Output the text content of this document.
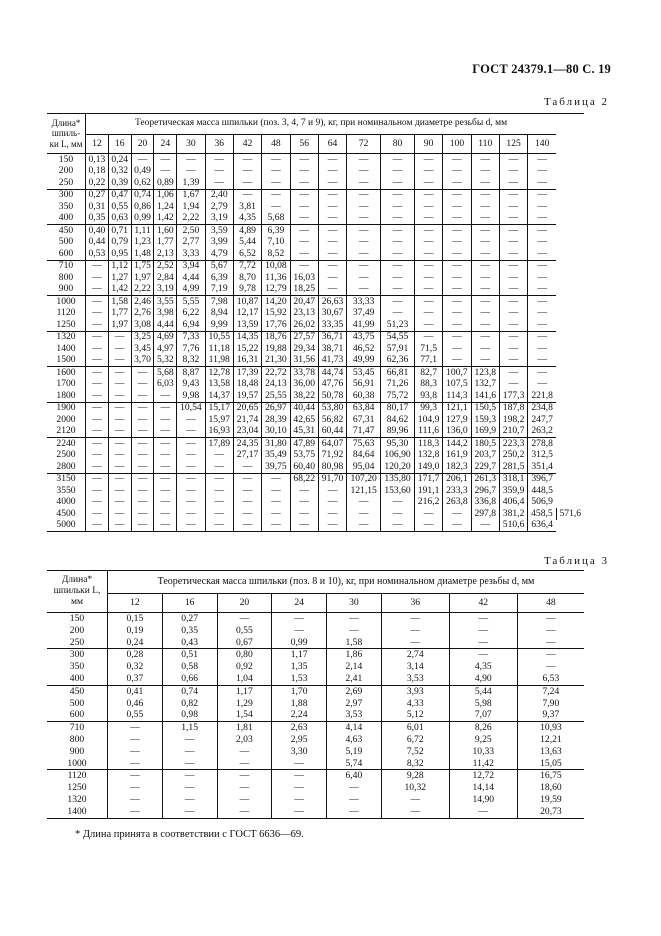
ГОСТ 24379.1—80 С. 19
Таблица 2
Длина* шпиль-ки L, мм	Теоретическая масса шпильки (поз. 3, 4, 7 и 9), кг, при номинальном диаметре резьбы d, мм																	
	12	16	20	24	30	36	42	48	56	64	72	80	90	100	110	125	140	
150	0,13	0,24	—	—	—	—	—	—	—	—	—	—	—	—	—	—	—	
200	0,18	0,32	0,49	—	—	—	—	—	—	—	—	—	—	—	—	—	—	
250	0,22	0,39	0,62	0,89	1,39	—	—	—	—	—	—	—	—	—	—	—	—	
300	0,27	0,47	0,74	1,06	1,67	2,40	—	—	—	—	—	—	—	—	—	—	—	
350	0,31	0,55	0,86	1,24	1,94	2,79	3,81	—	—	—	—	—	—	—	—	—	—	
400	0,35	0,63	0,99	1,42	2,22	3,19	4,35	5,68	—	—	—	—	—	—	—	—	—	
450	0,40	0,71	1,11	1,60	2,50	3,59	4,89	6,39	—	—	—	—	—	—	—	—	—	
500	0,44	0,79	1,23	1,77	2,77	3,99	5,44	7,10	—	—	—	—	—	—	—	—	—	
600	0,53	0,95	1,48	2,13	3,33	4,79	6,52	8,52	—	—	—	—	—	—	—	—	—	
710	—	1,12	1,75	2,52	3,94	5,67	7,72	10,08	—	—	—	—	—	—	—	—	—	
800	—	1,27	1,97	2,84	4,44	6,39	8,70	11,36	16,03	—	—	—	—	—	—	—	—	
900	—	1,42	2,22	3,19	4,99	7,19	9,78	12,79	18,25	—	—	—	—	—	—	—	—	
1000	—	1,58	2,46	3,55	5,55	7,98	10,87	14,20	20,47	26,63	33,33	—	—	—	—	—	—	
1120	—	1,77	2,76	3,98	6,22	8,94	12,17	15,92	23,13	30,67	37,49	—	—	—	—	—	—	
1250	—	1,97	3,08	4,44	6,94	9,99	13,59	17,76	26,02	33,35	41,99	51,23	—	—	—	—	—	
1320	—	—	3,25	4,69	7,33	10,55	14,35	18,76	27,57	36,71	43,75	54,55	—	—	—	—	—	
1400	—	—	3,45	4,97	7,76	11,18	15,22	19,88	29,34	38,71	46,52	57,91	71,5	—	—	—	—	
1500	—	—	3,70	5,32	8,32	11,98	16,31	21,30	31,56	41,73	49,99	62,36	77,1	—	—	—	—	
1600	—	—	—	5,68	8,87	12,78	17,39	22,72	33,78	44,74	53,45	66,81	82,7	100,7	123,8	—	—	
1700	—	—	—	6,03	9,43	13,58	18,48	24,13	36,00	47,76	56,91	71,26	88,3	107,5	132,7	—	—	
1800	—	—	—	—	9,98	14,37	19,57	25,55	38,22	50,78	60,38	75,72	93,8	114,3	141,6	177,3	221,8	
1900	—	—	—	—	10,54	15,17	20,65	26,97	40,44	53,80	63,84	80,17	99,3	121,1	150,5	187,8	234,8	
2000	—	—	—	—	—	15,97	21,74	28,39	42,65	56,82	67,31	84,62	104,9	127,9	159,3	198,2	247,7	
2120	—	—	—	—	—	16,93	23,04	30,10	45,31	60,44	71,47	89,96	111,6	136,0	169,9	210,7	263,2	
2240	—	—	—	—	—	17,89	24,35	31,80	47,89	64,07	75,63	95,30	118,3	144,2	180,5	223,3	278,8	
2500	—	—	—	—	—	—	27,17	35,49	53,75	71,92	84,64	106,90	132,8	161,9	203,7	250,2	312,5	
2800	—	—	—	—	—	—	—	39,75	60,40	80,98	95,04	120,20	149,0	182,3	229,7	281,5	351,4	
3150	—	—	—	—	—	—	—	—	68,22	91,70	107,20	135,80	171,7	206,1	261,3	318,1	396,7	
3550	—	—	—	—	—	—	—	—	—	—	121,15	153,60	191,1	233,3	296,7	359,9	448,5	
4000	—	—	—	—	—	—	—	—	—	—	—	—	216,2	263,8	336,8	406,4	506,9	
4500	—	—	—	—	—	—	—	—	—	—	—	—	—	—	297,8	381,2	458,5	571,6
5000	—	—	—	—	—	—	—	—	—	—	—	—	—	—	—	510,6	636,4	
Таблица 3
Длина* шпильки L, мм	Теоретическая масса шпильки (поз. 8 и 10), кг, при номинальном диаметре резьбы d, мм							
	12	16	20	24	30	36	42	48
150	0,15	0,27	—	—	—	—	—	—
200	0,19	0,35	0,55	—	—	—	—	—
250	0,24	0,43	0,67	0,99	1,58	—	—	—
300	0,28	0,51	0,80	1,17	1,86	2,74	—	—
350	0,32	0,58	0,92	1,35	2,14	3,14	4,35	—
400	0,37	0,66	1,04	1,53	2,41	3,53	4,90	6,53
450	0,41	0,74	1,17	1,70	2,69	3,93	5,44	7,24
500	0,46	0,82	1,29	1,88	2,97	4,33	5,98	7,90
600	0,55	0,98	1,54	2,24	3,53	5,12	7,07	9,37
710	—	1,15	1,81	2,63	4,14	6,01	8,26	10,93
800	—	—	2,03	2,95	4,63	6,72	9,25	12,21
900	—	—	—	3,30	5,19	7,52	10,33	13,63
1000	—	—	—	—	5,74	8,32	11,42	15,05
1120	—	—	—	—	6,40	9,28	12,72	16,75
1250	—	—	—	—	—	10,32	14,14	18,60
1320	—	—	—	—	—	—	14,90	19,59
1400	—	—	—	—	—	—	—	20,73
* Длина принята в соответствии с ГОСТ 6636—69.
